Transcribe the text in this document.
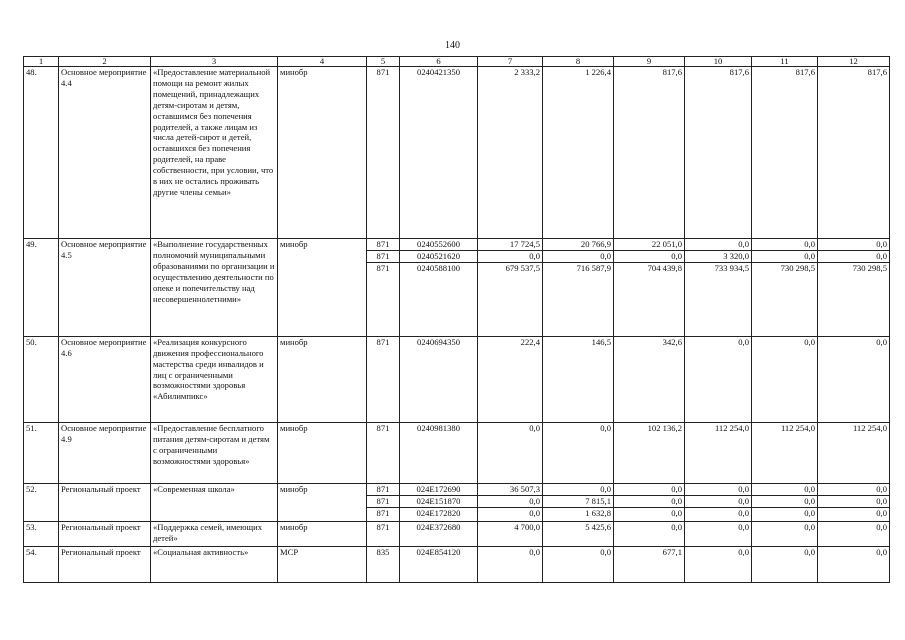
140
1	2	3	4	5	6	7	8	9	10	11	12
48.	Основное мероприятие 4.4	«Предоставление материальной помощи на ремонт жилых помещений, принадлежащих детям-сиротам и детям, оставшимся без попечения родителей, а также лицам из числа детей-сирот и детей, оставшихся без попечения родителей, на праве собственности, при условии, что в них не остались проживать другие члены семьи»	минобр	871	0240421350	2 333,2	1 226,4	817,6	817,6	817,6	817,6
49.	Основное мероприятие 4.5	«Выполнение государственных полномочий муниципальными образованиями по организации и осуществлению деятельности по опеке и попечительству над несовершеннолетними»	минобр	871	0240552600	17 724,5	20 766,9	22 051,0	0,0	0,0	0,0
				871	0240521620	0,0	0,0	0,0	3 320,0	0,0	0,0
				871	0240588100	679 537,5	716 587,9	704 439,8	733 934,5	730 298,5	730 298,5
50.	Основное мероприятие 4.6	«Реализация конкурсного движения профессионального мастерства среди инвалидов и лиц с ограниченными возможностями здоровья «Абилимпикс»	минобр	871	0240694350	222,4	146,5	342,6	0,0	0,0	0,0
51.	Основное мероприятие 4.9	«Предоставление бесплатного питания детям-сиротам и детям с ограниченными возможностями здоровья»	минобр	871	0240981380	0,0	0,0	102 136,2	112 254,0	112 254,0	112 254,0
52.	Региональный проект	«Современная школа»	минобр	871	024E172690	36 507,3	0,0	0,0	0,0	0,0	0,0
				871	024E151870	0,0	7 815,1	0,0	0,0	0,0	0,0
				871	024E172820	0,0	1 632,8	0,0	0,0	0,0	0,0
53.	Региональный проект	«Поддержка семей, имеющих детей»	минобр	871	024E372680	4 700,0	5 425,6	0,0	0,0	0,0	0,0
54.	Региональный проект	«Социальная активность»	МСР	835	024E854120	0,0	0,0	677,1	0,0	0,0	0,0
